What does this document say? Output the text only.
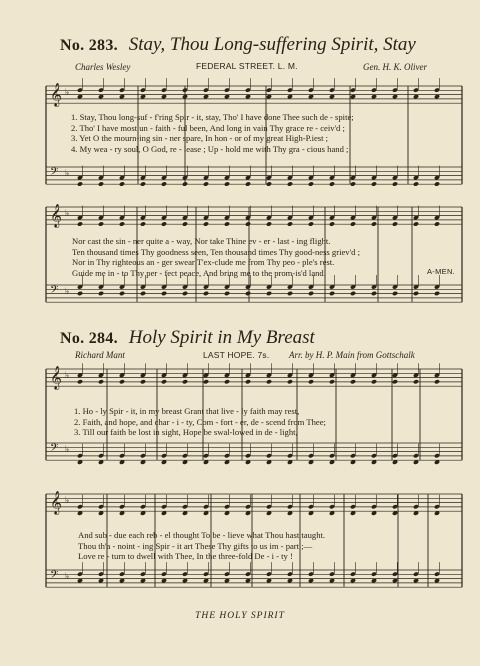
𝄞 ♭
𝄢 ♭
𝄞 ♭
𝄢 ♭
𝄞 ♭
𝄢 ♭
𝄞 ♭
𝄢 ♭
No. 283. Stay, Thou Long-suffering Spirit, Stay
Charles Wesley	FEDERAL STREET. L. M.	Gen. H. K. Oliver
1. Stay, Thou long-suf - f'ring Spir - it, stay, Tho' I have done Thee such de - spite;
2. Tho' I have most un - faith - ful been, And long in vain Thy grace re - ceiv'd ;
3. Yet O the mourn-ing sin - ner spare, In hon - or of my great High-P.iest ;
4. My wea - ry soul, O God, re - lease ; Up - hold me with Thy gra - cious hand ;
Nor cast the sin - ner quite a - way, Nor take Thine ev - er - last - ing flight.
Ten thousand times Thy goodness seen, Ten thousand times Thy good-ness griev'd ;
Nor in Thy righteous an - ger swear T'ex-clude me from Thy peo - ple's rest.
Guide me in - to Thy per - fect peace, And bring me to the prom-is'd land.	A-MEN.
No. 284. Holy Spirit in My Breast
Richard Mant	LAST HOPE. 7s. Arr. by H. P. Main from Gottschalk
1. Ho - ly Spir - it, in my breast Grant that live - ly faith may rest,
2. Faith, and hope, and char - i - ty, Com - fort - er, de - scend from Thee;
3. Till our faith be lost in sight, Hope be swal-lowed in de - light,
And sub - due each reb - el thought To be - lieve what Thou hast taught.
Thou th'a - noint - ing Spir - it art These Thy gifts to us im - part ;—
Love re - turn to dwell with Thee, In the three-fold De - i - ty !
THE HOLY SPIRIT
